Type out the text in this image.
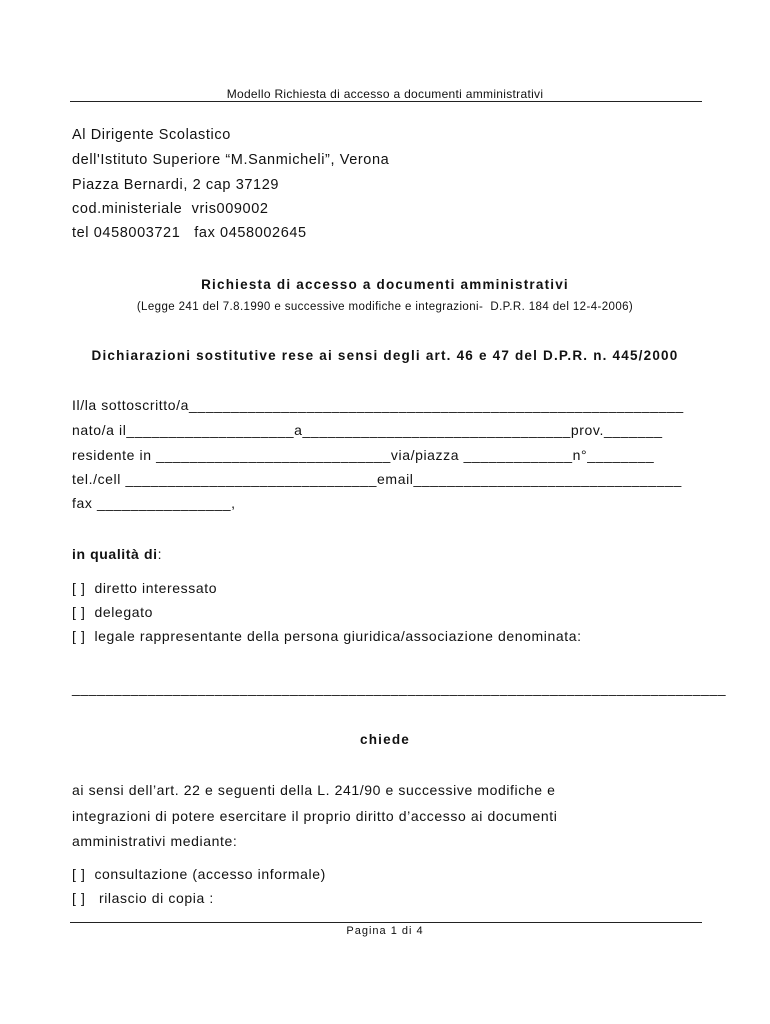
Modello Richiesta di accesso a documenti amministrativi
Al Dirigente Scolastico
dell'Istituto Superiore “M.Sanmicheli”, Verona
Piazza Bernardi, 2 cap 37129
cod.ministeriale  vris009002
tel 0458003721   fax 0458002645
Richiesta di accesso a documenti amministrativi
(Legge 241 del 7.8.1990 e successive modifiche e integrazioni-  D.P.R. 184 del 12-4-2006)
Dichiarazioni sostitutive rese ai sensi degli art. 46 e 47 del D.P.R. n. 445/2000
Il/la sottoscritto/a___________________________________________________________
nato/a il____________________a________________________________prov._______
residente in ____________________________via/piazza _____________n°________
tel./cell ______________________________email________________________________
fax ________________,
in qualità di:
[ ]  diretto interessato
[ ]  delegato
[ ]  legale rappresentante della persona giuridica/associazione denominata:
______________________________________________________________________________
chiede
ai sensi dell’art. 22 e seguenti della L. 241/90 e successive modifiche e
integrazioni di potere esercitare il proprio diritto d’accesso ai documenti
amministrativi mediante:
[ ]  consultazione (accesso informale)
[ ]   rilascio di copia :
Pagina 1 di 4
